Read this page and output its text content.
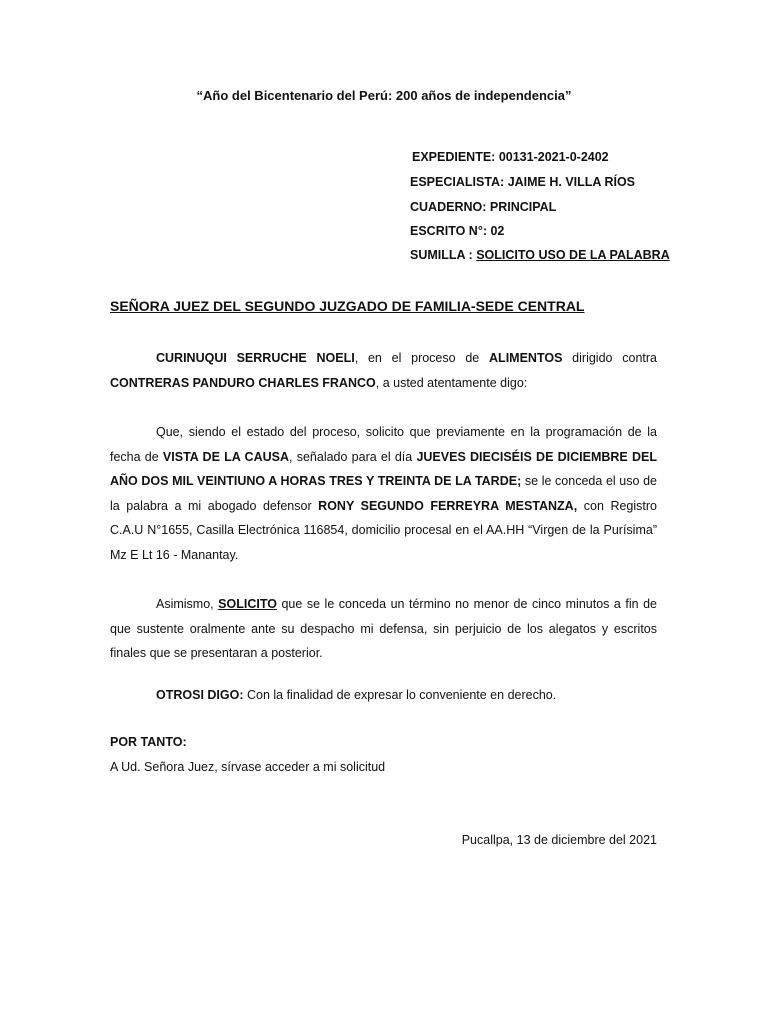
“Año del Bicentenario del Perú: 200 años de independencia”
EXPEDIENTE: 00131-2021-0-2402
ESPECIALISTA: JAIME H. VILLA RÍOS
CUADERNO: PRINCIPAL
ESCRITO N°: 02
SUMILLA : SOLICITO USO DE LA PALABRA
SEÑORA JUEZ DEL SEGUNDO JUZGADO DE FAMILIA-SEDE CENTRAL
CURINUQUI SERRUCHE NOELI, en el proceso de ALIMENTOS dirigido contra CONTRERAS PANDURO CHARLES FRANCO, a usted atentamente digo:
Que, siendo el estado del proceso, solicito que previamente en la programación de la fecha de VISTA DE LA CAUSA, señalado para el día JUEVES DIECISÉIS DE DICIEMBRE DEL AÑO DOS MIL VEINTIUNO A HORAS TRES Y TREINTA DE LA TARDE; se le conceda el uso de la palabra a mi abogado defensor RONY SEGUNDO FERREYRA MESTANZA, con Registro C.A.U N°1655, Casilla Electrónica 116854, domicilio procesal en el AA.HH “Virgen de la Purísima” Mz E Lt 16 - Manantay.
Asimismo, SOLICITO que se le conceda un término no menor de cinco minutos a fin de que sustente oralmente ante su despacho mi defensa, sin perjuicio de los alegatos y escritos finales que se presentaran a posterior.
OTROSI DIGO: Con la finalidad de expresar lo conveniente en derecho.
POR TANTO:
A Ud. Señora Juez, sírvase acceder a mi solicitud
Pucallpa, 13 de diciembre del 2021
